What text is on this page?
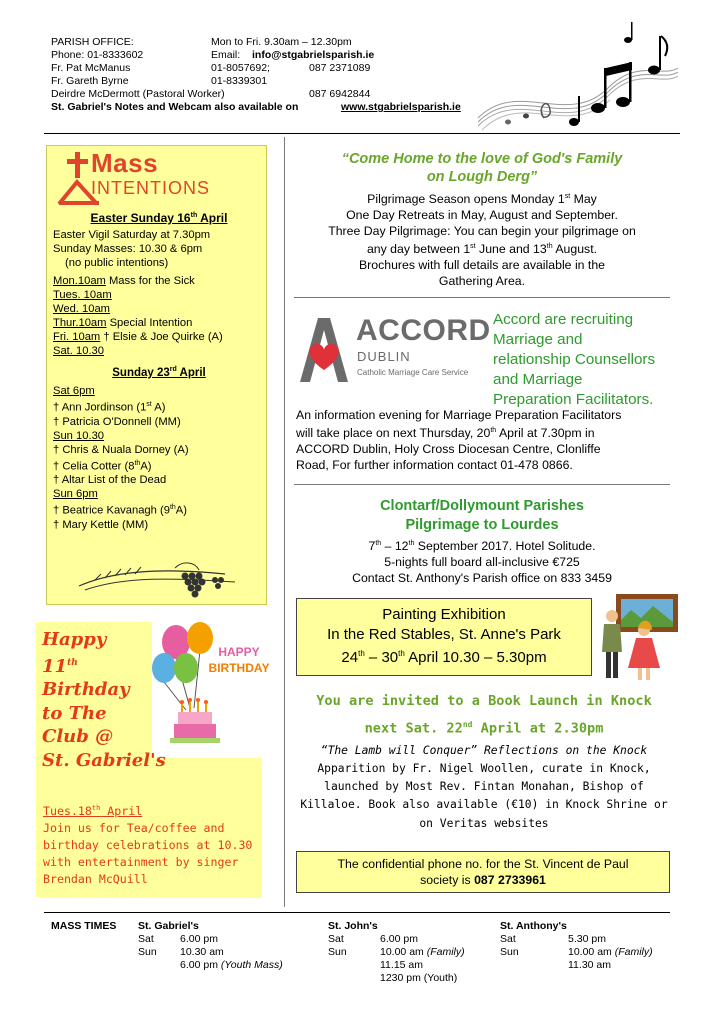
PARISH OFFICE:	Mon to Fri. 9.30am – 12.30pm
Phone: 01-8333602	Email: info@stgabrielsparish.ie
Fr. Pat McManus	01-8057692;	087 2371089
Fr. Gareth Byrne	01-8339301
Deirdre McDermott (Pastoral Worker)	087 6942844
St. Gabriel's Notes and Webcam also available on	www.stgabrielsparish.ie
Mass
INTENTIONS
Easter Sunday 16th April
Easter Vigil Saturday at 7.30pm
Sunday Masses: 10.30 & 6pm
(no public intentions)
Mon.10am Mass for the Sick
Tues. 10am
Wed. 10am
Thur.10am Special Intention
Fri. 10am † Elsie & Joe Quirke (A)
Sat. 10.30
Sunday 23rd April
Sat 6pm
† Ann Jordinson (1st A)
† Patricia O'Donnell (MM)
Sun 10.30
† Chris & Nuala Dorney (A)
† Celia Cotter (8thA)
† Altar List of the Dead
Sun 6pm
† Beatrice Kavanagh (9thA)
† Mary Kettle (MM)
Happy
11th
Birthday
to The
Club @
St. Gabriel's
HAPPY
BIRTHDAY
Tues.18th April
Join us for Tea/coffee and
birthday celebrations at 10.30
with entertainment by singer
Brendan McQuill
“Come Home to the love of God's Family
on Lough Derg”
Pilgrimage Season opens Monday 1st May
One Day Retreats in May, August and September.
Three Day Pilgrimage: You can begin your pilgrimage on
any day between 1st June and 13th August.
Brochures with full details are available in the
Gathering Area.
ACCORD
DUBLIN
Catholic Marriage Care Service
Accord are recruiting
Marriage and
relationship Counsellors
and Marriage
Preparation Facilitators.
An information evening for Marriage Preparation Facilitators
will take place on next Thursday, 20th April at 7.30pm in
ACCORD Dublin, Holy Cross Diocesan Centre, Clonliffe
Road, For further information contact 01-478 0866.
Clontarf/Dollymount Parishes
Pilgrimage to Lourdes
7th – 12th September 2017. Hotel Solitude.
5-nights full board all-inclusive €725
Contact St. Anthony's Parish office on 833 3459
Painting Exhibition
In the Red Stables, St. Anne's Park
24th – 30th April 10.30 – 5.30pm
You are invited to a Book Launch in Knock
next Sat. 22nd April at 2.30pm
“The Lamb will Conquer” Reflections on the Knock
Apparition by Fr. Nigel Woollen, curate in Knock,
launched by Most Rev. Fintan Monahan, Bishop of
Killaloe. Book also available (€10) in Knock Shrine or
on Veritas websites
The confidential phone no. for the St. Vincent de Paul
society is 087 2733961
MASS TIMES St. Gabriel's
Sat 6.00 pm
Sun 10.30 am
6.00 pm (Youth Mass)
St. John's
Sat	6.00 pm
Sun	10.00 am (Family)
11.15 am
1230 pm (Youth)
St. Anthony's
Sat	5.30 pm
Sun	10.00 am (Family)
11.30 am
